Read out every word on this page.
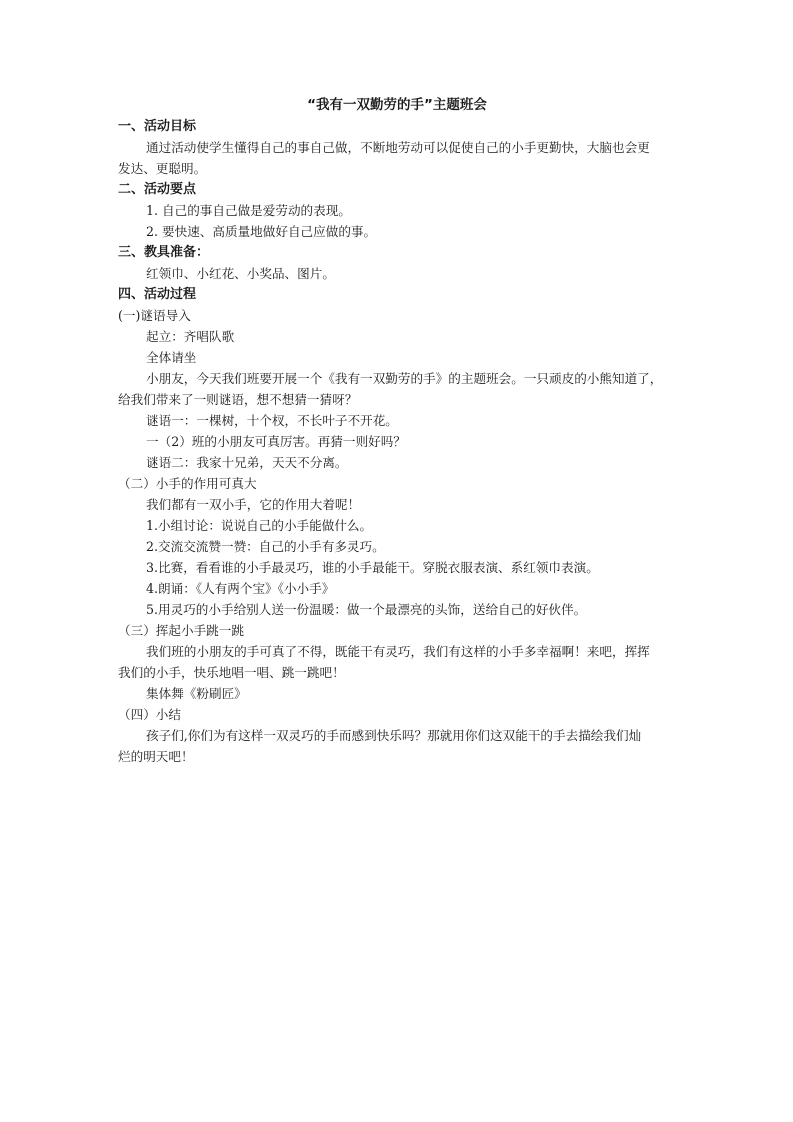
“我有一双勤劳的手”主题班会
一、活动目标
通过活动使学生懂得自己的事自己做，不断地劳动可以促使自己的小手更勤快，大脑也会更
发达、更聪明。
二、活动要点
1. 自己的事自己做是爱劳动的表现。
2. 要快速、高质量地做好自己应做的事。
三、教具准备：
红领巾、小红花、小奖品、图片。
四、活动过程
(一)谜语导入
起立：齐唱队歌
全体请坐
小朋友，今天我们班要开展一个《我有一双勤劳的手》的主题班会。一只顽皮的小熊知道了，
给我们带来了一则谜语，想不想猜一猜呀？
谜语一：一棵树，十个杈，不长叶子不开花。
一（2）班的小朋友可真厉害。再猜一则好吗？
谜语二：我家十兄弟，天天不分离。
（二）小手的作用可真大
我们都有一双小手，它的作用大着呢！
1.小组讨论：说说自己的小手能做什么。
2.交流交流赞一赞：自己的小手有多灵巧。
3.比赛，看看谁的小手最灵巧，谁的小手最能干。穿脱衣服表演、系红领巾表演。
4.朗诵：《人有两个宝》《小小手》
5.用灵巧的小手给别人送一份温暖：做一个最漂亮的头饰，送给自己的好伙伴。
（三）挥起小手跳一跳
我们班的小朋友的手可真了不得，既能干有灵巧，我们有这样的小手多幸福啊！来吧，挥挥
我们的小手，快乐地唱一唱、跳一跳吧！
集体舞《粉刷匠》
（四）小结
孩子们,你们为有这样一双灵巧的手而感到快乐吗？那就用你们这双能干的手去描绘我们灿
烂的明天吧！
